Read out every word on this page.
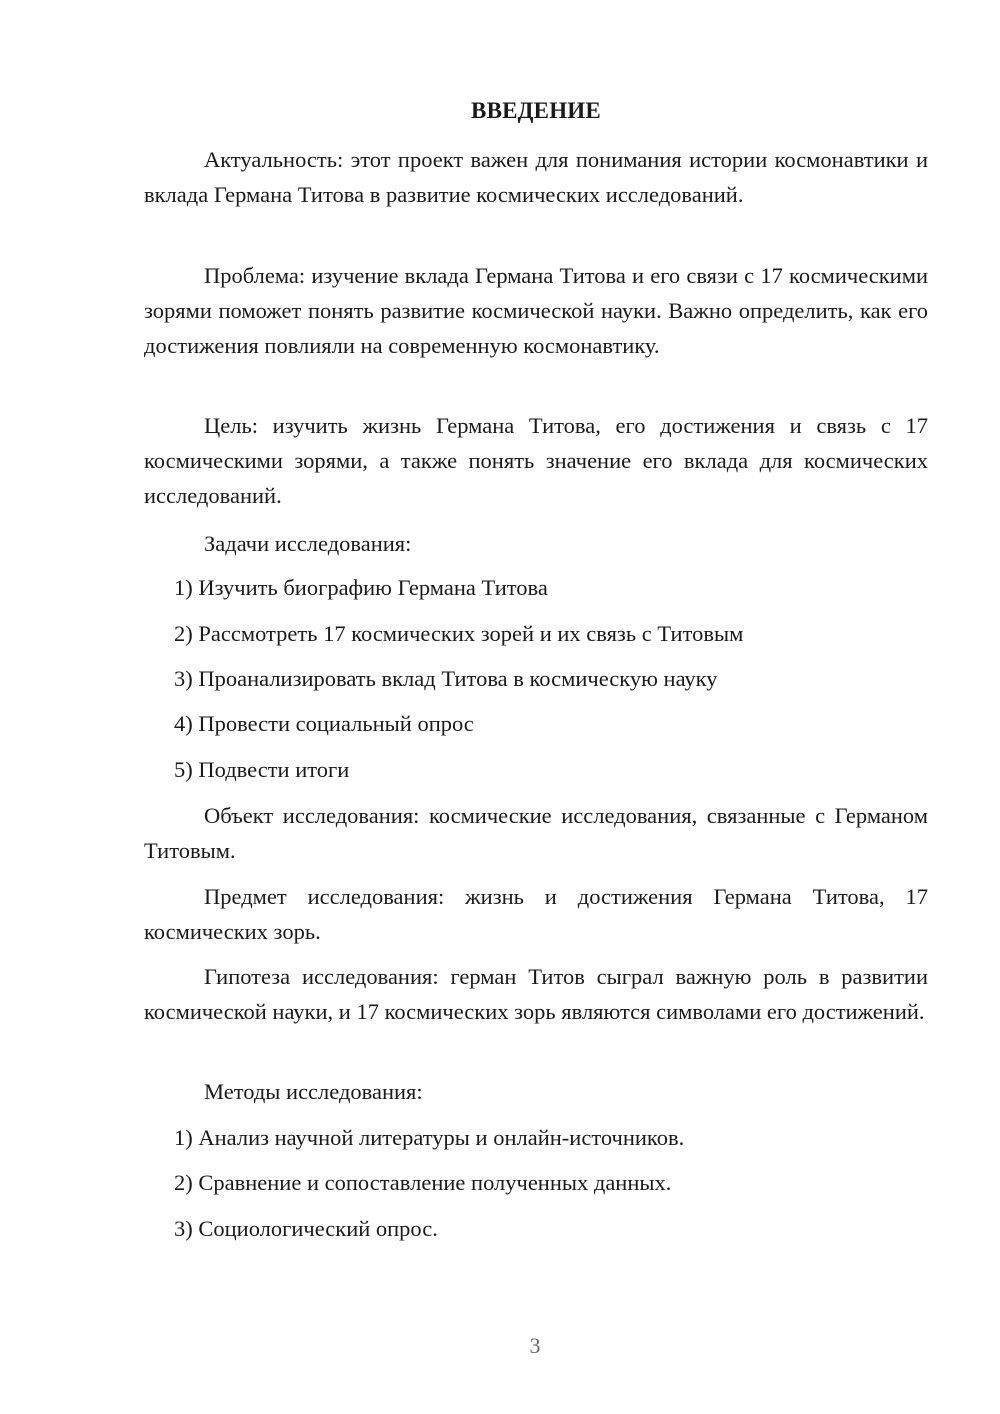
ВВЕДЕНИЕ
Актуальность: этот проект важен для понимания истории космонавтики и вклада Германа Титова в развитие космических исследований.
Проблема: изучение вклада Германа Титова и его связи с 17 космическими зорями поможет понять развитие космической науки. Важно определить, как его достижения повлияли на современную космонавтику.
Цель: изучить жизнь Германа Титова, его достижения и связь с 17 космическими зорями, а также понять значение его вклада для космических исследований.
Задачи исследования:
1) Изучить биографию Германа Титова
2) Рассмотреть 17 космических зорей и их связь с Титовым
3) Проанализировать вклад Титова в космическую науку
4) Провести социальный опрос
5) Подвести итоги
Объект исследования: космические исследования, связанные с Германом Титовым.
Предмет исследования: жизнь и достижения Германа Титова, 17 космических зорь.
Гипотеза исследования: герман Титов сыграл важную роль в развитии космической науки, и 17 космических зорь являются символами его достижений.
Методы исследования:
1) Анализ научной литературы и онлайн-источников.
2) Сравнение и сопоставление полученных данных.
3) Социологический опрос.
3
